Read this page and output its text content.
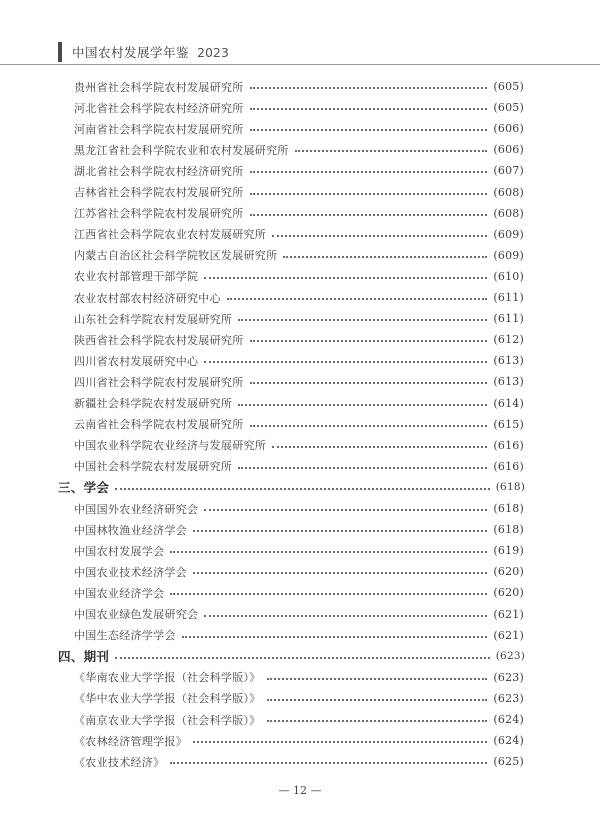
中国农村发展学年鉴 2023
贵州省社会科学院农村发展研究所	(605)
河北省社会科学院农村经济研究所	(605)
河南省社会科学院农村发展研究所	(606)
黑龙江省社会科学院农业和农村发展研究所	(606)
湖北省社会科学院农村经济研究所	(607)
吉林省社会科学院农村发展研究所	(608)
江苏省社会科学院农村发展研究所	(608)
江西省社会科学院农业农村发展研究所	(609)
内蒙古自治区社会科学院牧区发展研究所	(609)
农业农村部管理干部学院	(610)
农业农村部农村经济研究中心	(611)
山东社会科学院农村发展研究所	(611)
陕西省社会科学院农村发展研究所	(612)
四川省农村发展研究中心	(613)
四川省社会科学院农村发展研究所	(613)
新疆社会科学院农村发展研究所	(614)
云南省社会科学院农村发展研究所	(615)
中国农业科学院农业经济与发展研究所	(616)
中国社会科学院农村发展研究所	(616)
三、学会	(618)
中国国外农业经济研究会	(618)
中国林牧渔业经济学会	(618)
中国农村发展学会	(619)
中国农业技术经济学会	(620)
中国农业经济学会	(620)
中国农业绿色发展研究会	(621)
中国生态经济学学会	(621)
四、期刊	(623)
《华南农业大学学报（社会科学版）》	(623)
《华中农业大学学报（社会科学版）》	(623)
《南京农业大学学报（社会科学版）》	(624)
《农林经济管理学报》	(624)
《农业技术经济》	(625)
— 12 —
